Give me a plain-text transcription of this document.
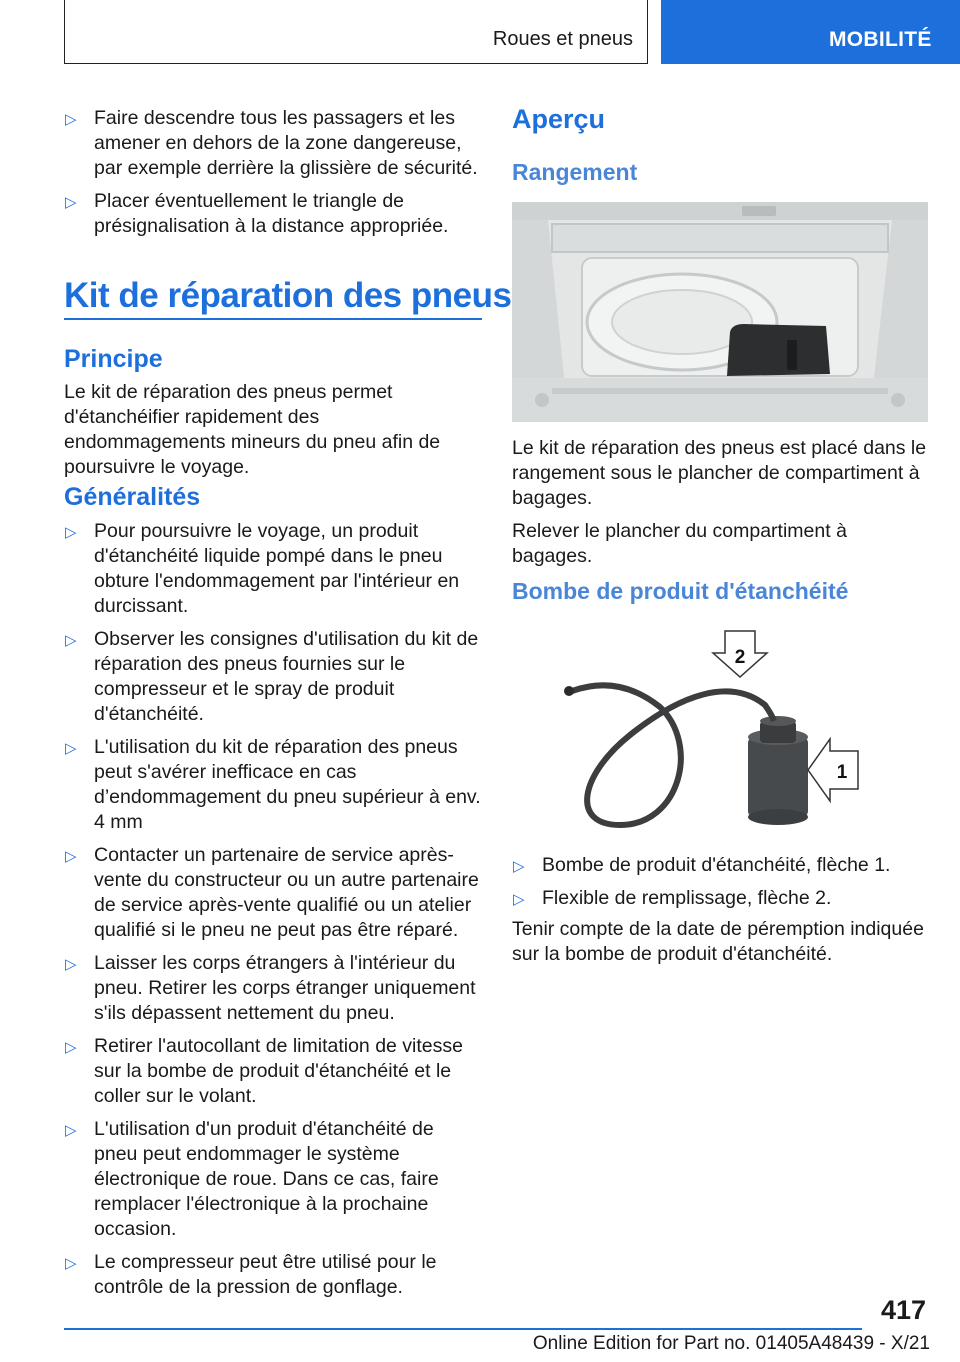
Roues et pneus	MOBILITÉ
▷ Faire descendre tous les passagers et les amener en dehors de la zone dangereuse, par exemple derrière la glissière de sécurité.
▷ Placer éventuellement le triangle de présignalisation à la distance appropriée.
Kit de réparation des pneus
Principe

Le kit de réparation des pneus permet d'étanchéifier rapidement des endommagements mineurs du pneu afin de poursuivre le voyage.

Généralités
▷ Pour poursuivre le voyage, un produit d'étanchéité liquide pompé dans le pneu obture l'endommagement par l'intérieur en durcissant.
▷ Observer les consignes d'utilisation du kit de réparation des pneus fournies sur le compresseur et le spray de produit d'étanchéité.
▷ L'utilisation du kit de réparation des pneus peut s'avérer inefficace en cas d’endommagement du pneu supérieur à env. 4 mm
▷ Contacter un partenaire de service après-vente du constructeur ou un autre partenaire de service après-vente qualifié ou un atelier qualifié si le pneu ne peut pas être réparé.
▷ Laisser les corps étrangers à l'intérieur du pneu. Retirer les corps étranger uniquement s'ils dépassent nettement du pneu.
▷ Retirer l'autocollant de limitation de vitesse sur la bombe de produit d'étanchéité et le coller sur le volant.
▷ L'utilisation d'un produit d'étanchéité de pneu peut endommager le système électronique de roue. Dans ce cas, faire remplacer l'électronique à la prochaine occasion.
▷ Le compresseur peut être utilisé pour le contrôle de la pression de gonflage.
Aperçu
Rangement

Le kit de réparation des pneus est placé dans le rangement sous le plancher de compartiment à bagages.

Relever le plancher du compartiment à bagages.

Bombe de produit d'étanchéité
2
1
▷ Bombe de produit d'étanchéité, flèche 1.
▷ Flexible de remplissage, flèche 2.

Tenir compte de la date de péremption indiquée sur la bombe de produit d'étanchéité.

417
Online Edition for Part no. 01405A48439 - X/21
